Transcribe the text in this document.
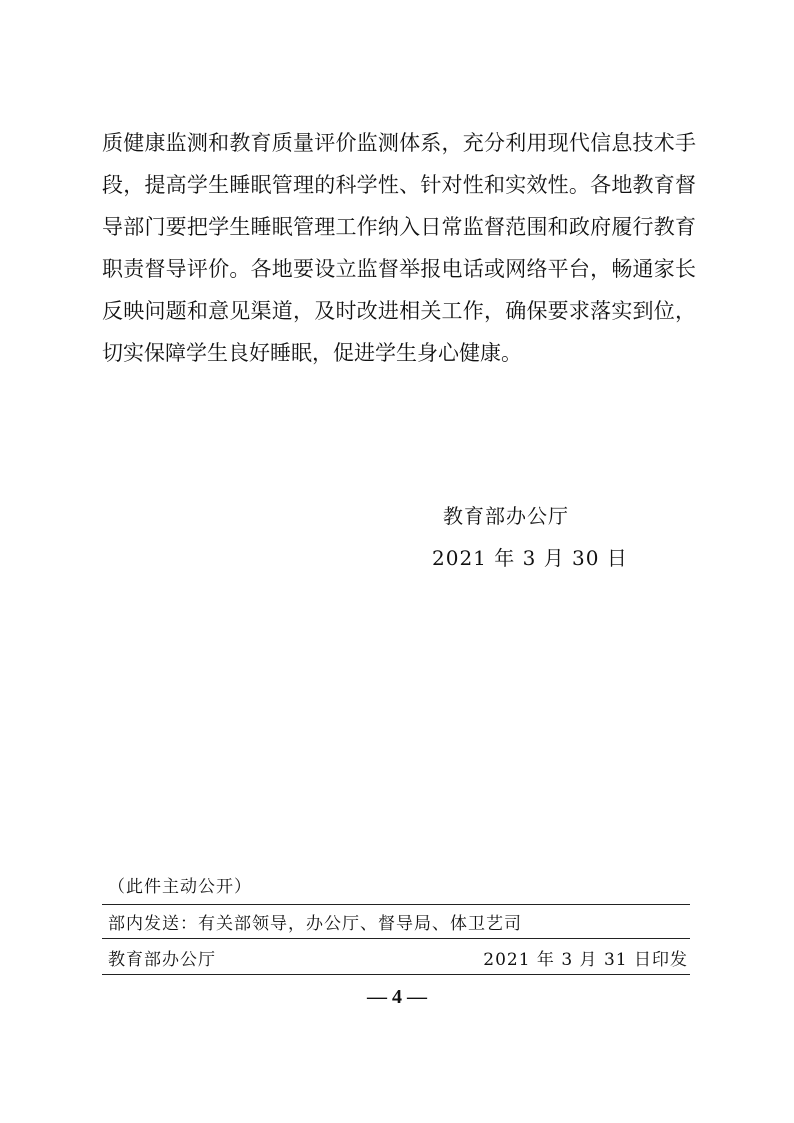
质健康监测和教育质量评价监测体系，充分利用现代信息技术手段，提高学生睡眠管理的科学性、针对性和实效性。各地教育督导部门要把学生睡眠管理工作纳入日常监督范围和政府履行教育职责督导评价。各地要设立监督举报电话或网络平台，畅通家长反映问题和意见渠道，及时改进相关工作，确保要求落实到位，切实保障学生良好睡眠，促进学生身心健康。

教育部办公厅
2021 年 3 月 30 日
（此件主动公开）
部内发送：有关部领导，办公厅、督导局、体卫艺司
教育部办公厅	2021 年 3 月 31 日印发
— 4 —
